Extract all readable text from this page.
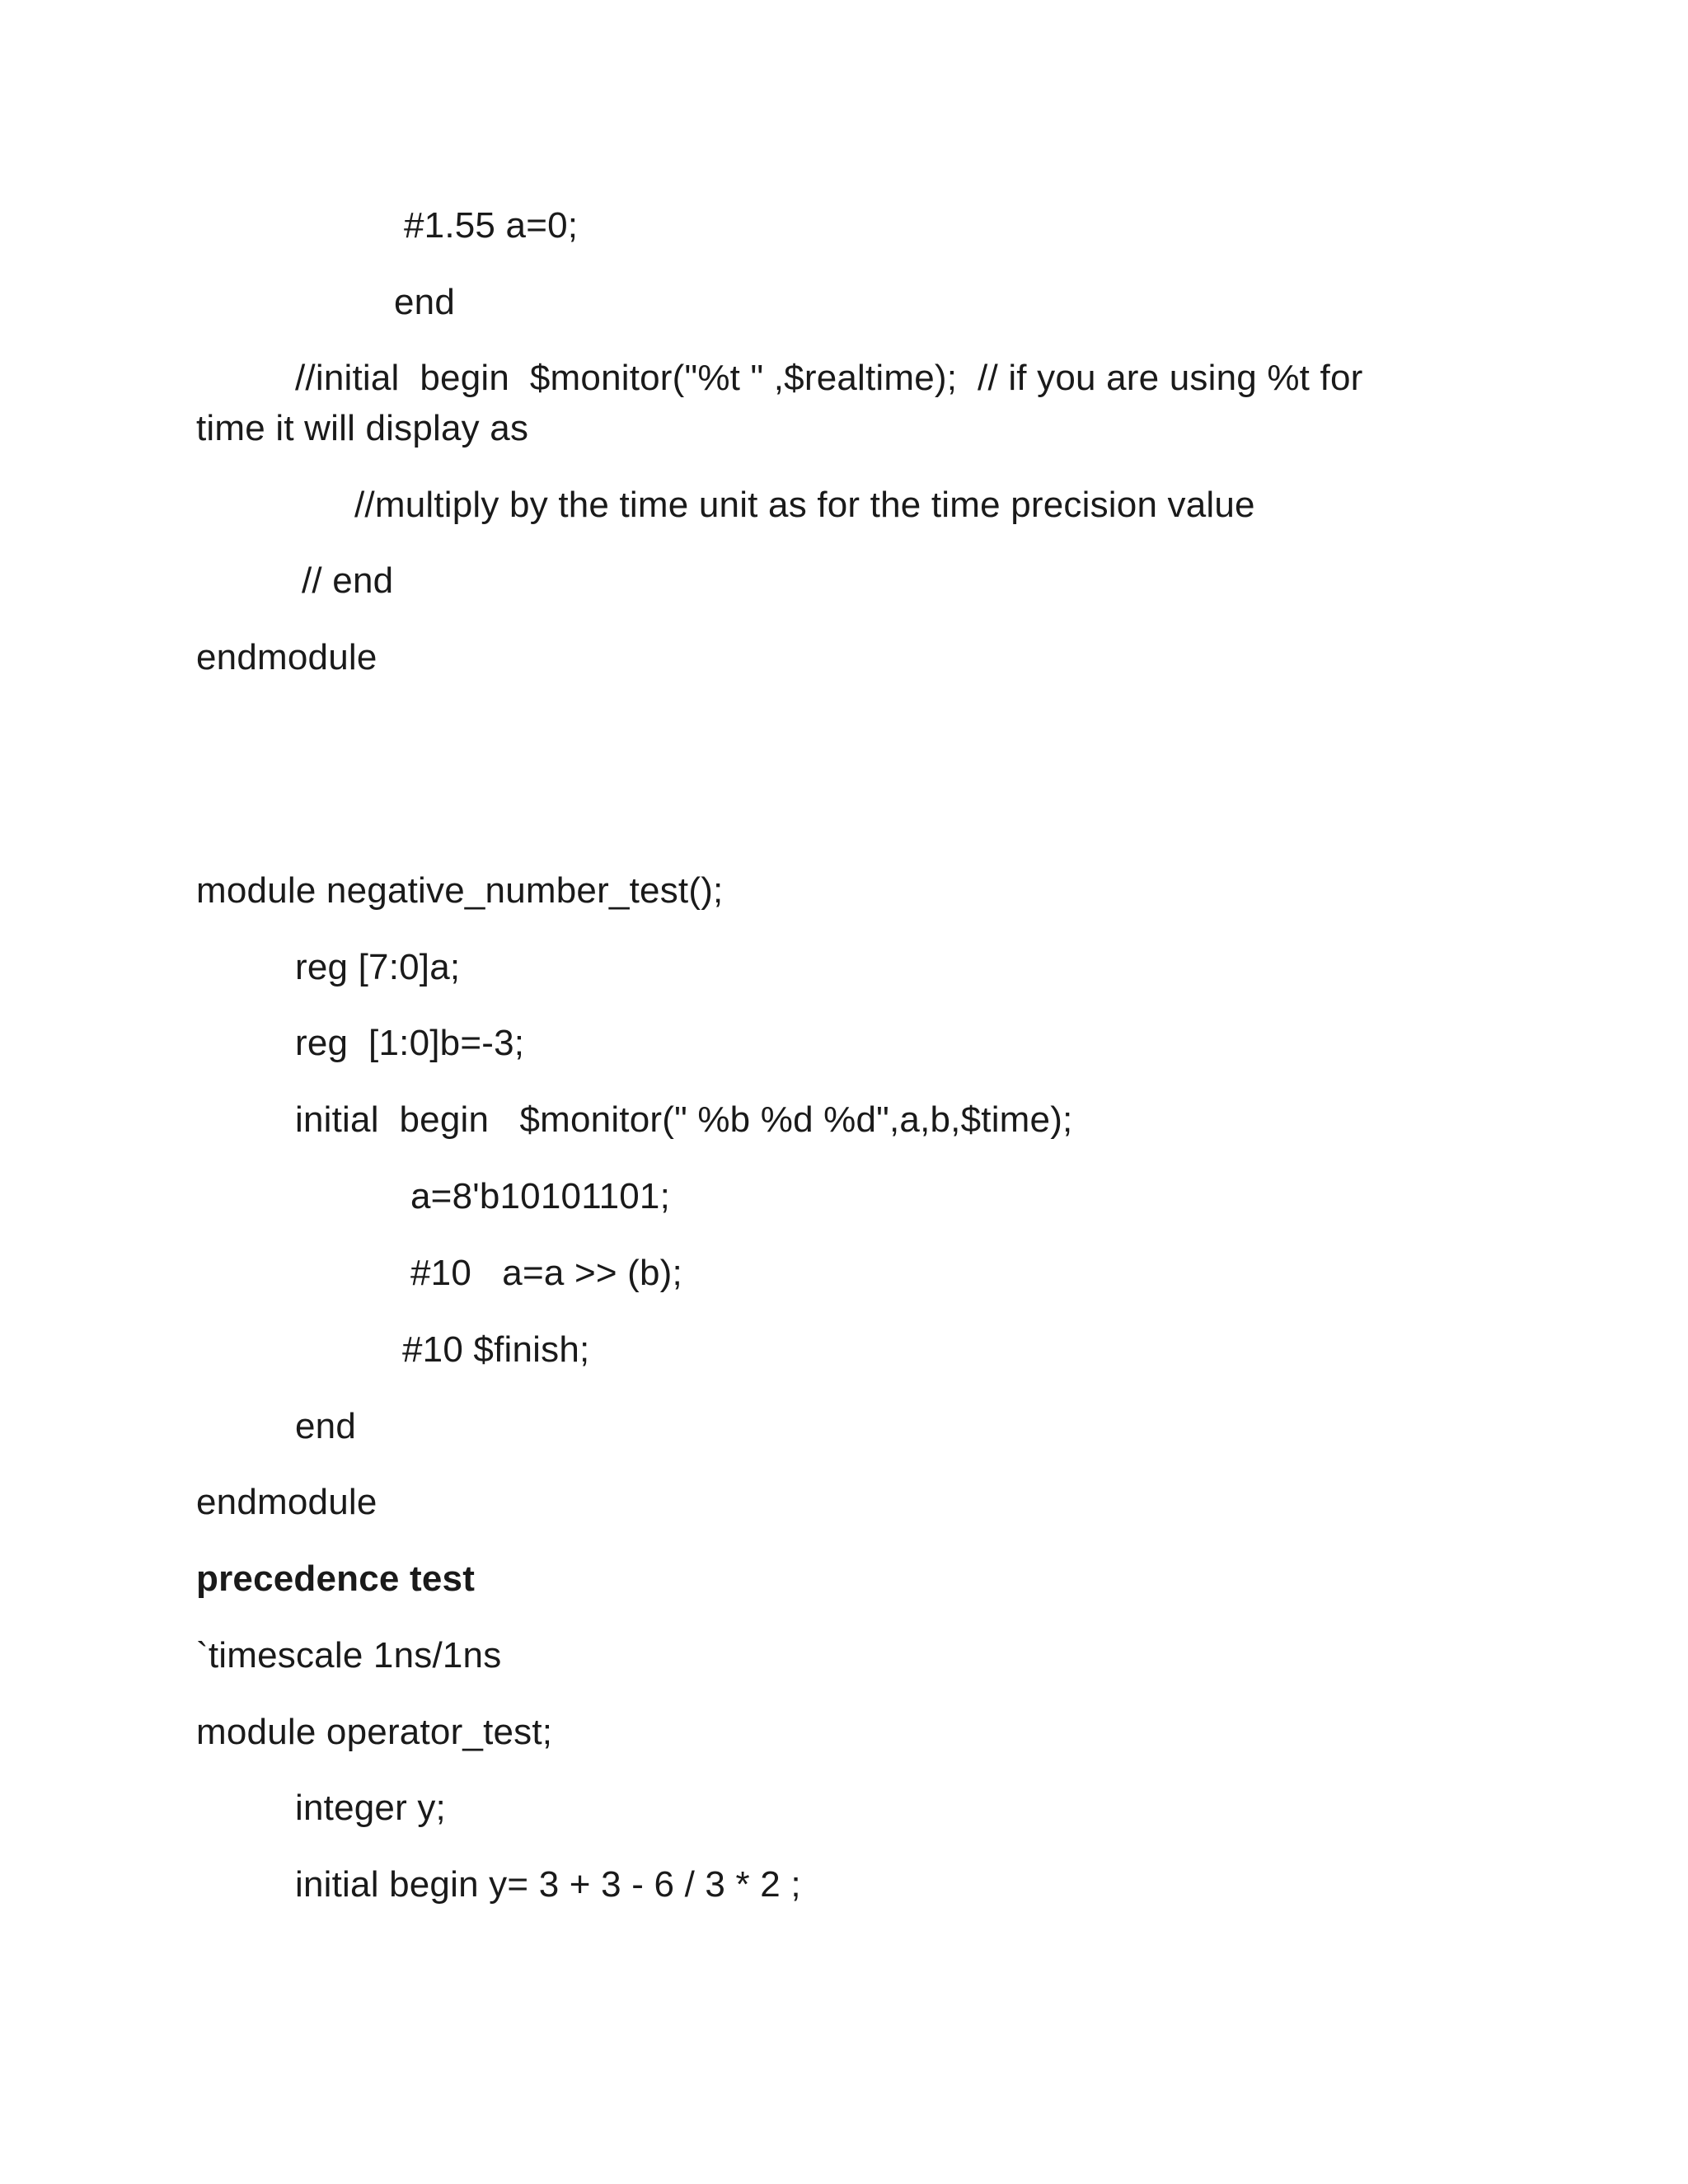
#1.55 a=0;
end
//initial  begin  $monitor("%t " ,$realtime);  // if you are using %t for
time it will display as
//multiply by the time unit as for the time precision value
// end
endmodule
module negative_number_test();
reg [7:0]a;
reg  [1:0]b=-3;
initial  begin   $monitor(" %b %d %d",a,b,$time);
a=8'b10101101;
#10   a=a >> (b);
#10 $finish;
end
endmodule
precedence test
`timescale 1ns/1ns
module operator_test;
integer y;
initial begin y= 3 + 3 - 6 / 3 * 2 ;
